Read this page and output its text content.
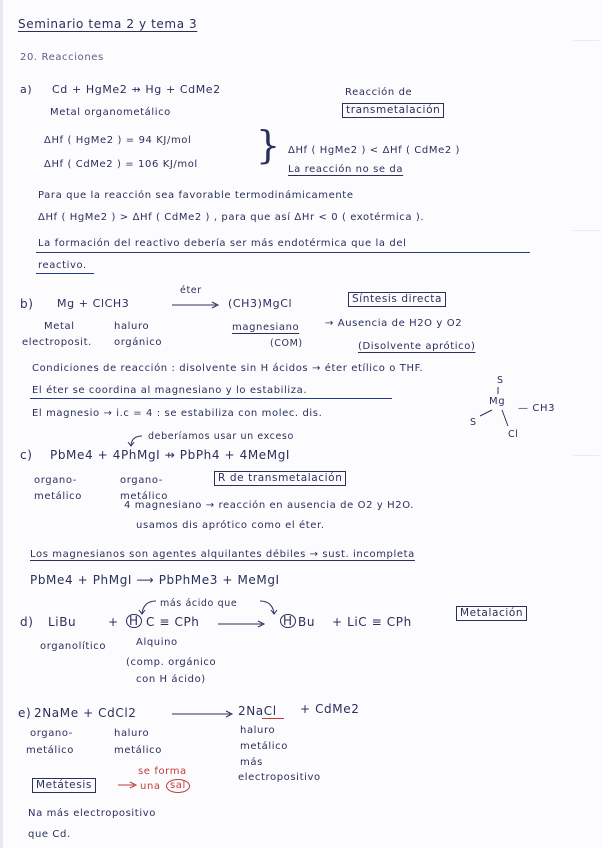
Seminario tema 2 y tema 3
20. Reacciones
a) Cd + HgMe2 ⇸ Hg + CdMe2
Metal organometálico
Reacción de
transmetalación
ΔHf ( HgMe2 ) = 94 KJ/mol
ΔHf ( CdMe2 ) = 106 KJ/mol } ΔHf ( HgMe2 ) < ΔHf ( CdMe2 )
La reacción no se da
Para que la reacción sea favorable termodinámicamente
ΔHf ( HgMe2 ) > ΔHf ( CdMe2 ) , para que así ΔHr < 0 ( exotérmica ).
La formación del reactivo debería ser más endotérmica que la del
reactivo.
b) Mg + ClCH3
éter
(CH3)MgCl	Síntesis directa
Metal
electroposit.
haluro
orgánico
magnesiano
(COM)
→ Ausencia de H2O y O2
(Disolvente aprótico)
Condiciones de reacción : disolvente sin H ácidos → éter etílico o THF.
El éter se coordina al magnesiano y lo estabiliza.
El magnesio → i.c = 4 : se estabiliza con molec. dis.
S
Mg
— CH3
S
Cl
deberíamos usar un exceso
c) PbMe4 + 4PhMgI ⇸ PbPh4 + 4MeMgI
organo-
metálico
organo-
metálico
R de transmetalación
4 magnesiano → reacción en ausencia de O2 y H2O.
usamos dis aprótico como el éter.
Los magnesianos son agentes alquilantes débiles → sust. incompleta
PbMe4 + PhMgI ⟶ PbPhMe3 + MeMgI
más ácido que
d) LiBu	+ H C ≡ CPh	H Bu + LiC ≡ CPh
Metalación
organolítico	Alquino
(comp. orgánico
con H ácido)
e) 2NaMe + CdCl2	2NaCl + CdMe2
organo-
metálico
haluro
metálico
haluro
metálico
más
electropositivo
Metátesis
se forma
una sal
Na más electropositivo
que Cd.
